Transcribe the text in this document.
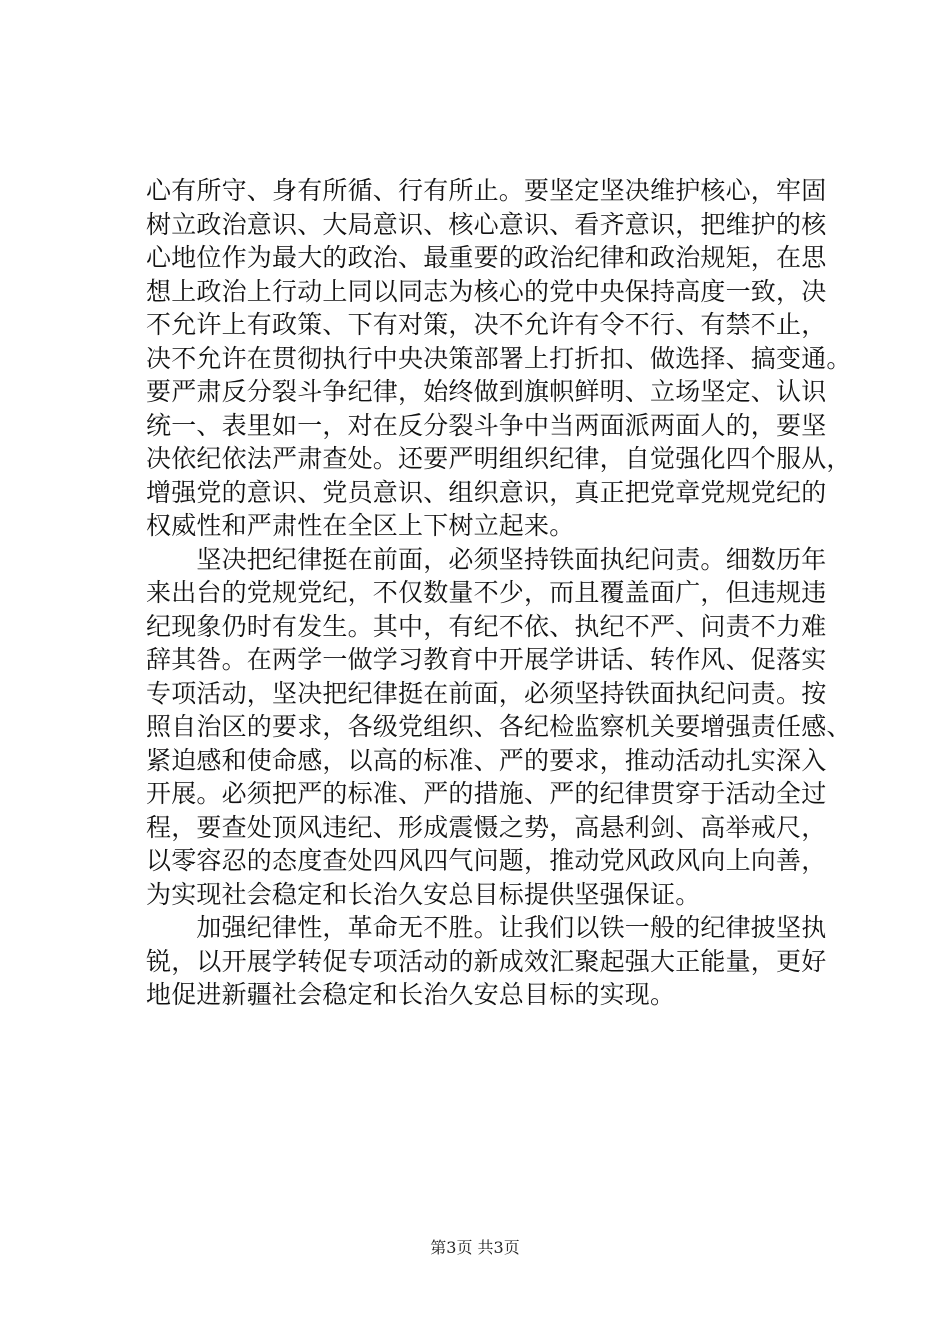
心有所守、身有所循、行有所止。要坚定坚决维护核心，牢固
树立政治意识、大局意识、核心意识、看齐意识，把维护的核
心地位作为最大的政治、最重要的政治纪律和政治规矩，在思
想上政治上行动上同以同志为核心的党中央保持高度一致，决
不允许上有政策、下有对策，决不允许有令不行、有禁不止，
决不允许在贯彻执行中央决策部署上打折扣、做选择、搞变通。
要严肃反分裂斗争纪律，始终做到旗帜鲜明、立场坚定、认识
统一、表里如一，对在反分裂斗争中当两面派两面人的，要坚
决依纪依法严肃查处。还要严明组织纪律，自觉强化四个服从，
增强党的意识、党员意识、组织意识，真正把党章党规党纪的
权威性和严肃性在全区上下树立起来。
　　坚决把纪律挺在前面，必须坚持铁面执纪问责。细数历年
来出台的党规党纪，不仅数量不少，而且覆盖面广，但违规违
纪现象仍时有发生。其中，有纪不依、执纪不严、问责不力难
辞其咎。在两学一做学习教育中开展学讲话、转作风、促落实
专项活动，坚决把纪律挺在前面，必须坚持铁面执纪问责。按
照自治区的要求，各级党组织、各纪检监察机关要增强责任感、
紧迫感和使命感，以高的标准、严的要求，推动活动扎实深入
开展。必须把严的标准、严的措施、严的纪律贯穿于活动全过
程，要查处顶风违纪、形成震慑之势，高悬利剑、高举戒尺，
以零容忍的态度查处四风四气问题，推动党风政风向上向善，
为实现社会稳定和长治久安总目标提供坚强保证。
　　加强纪律性，革命无不胜。让我们以铁一般的纪律披坚执
锐，以开展学转促专项活动的新成效汇聚起强大正能量，更好
地促进新疆社会稳定和长治久安总目标的实现。
第3页 共3页
